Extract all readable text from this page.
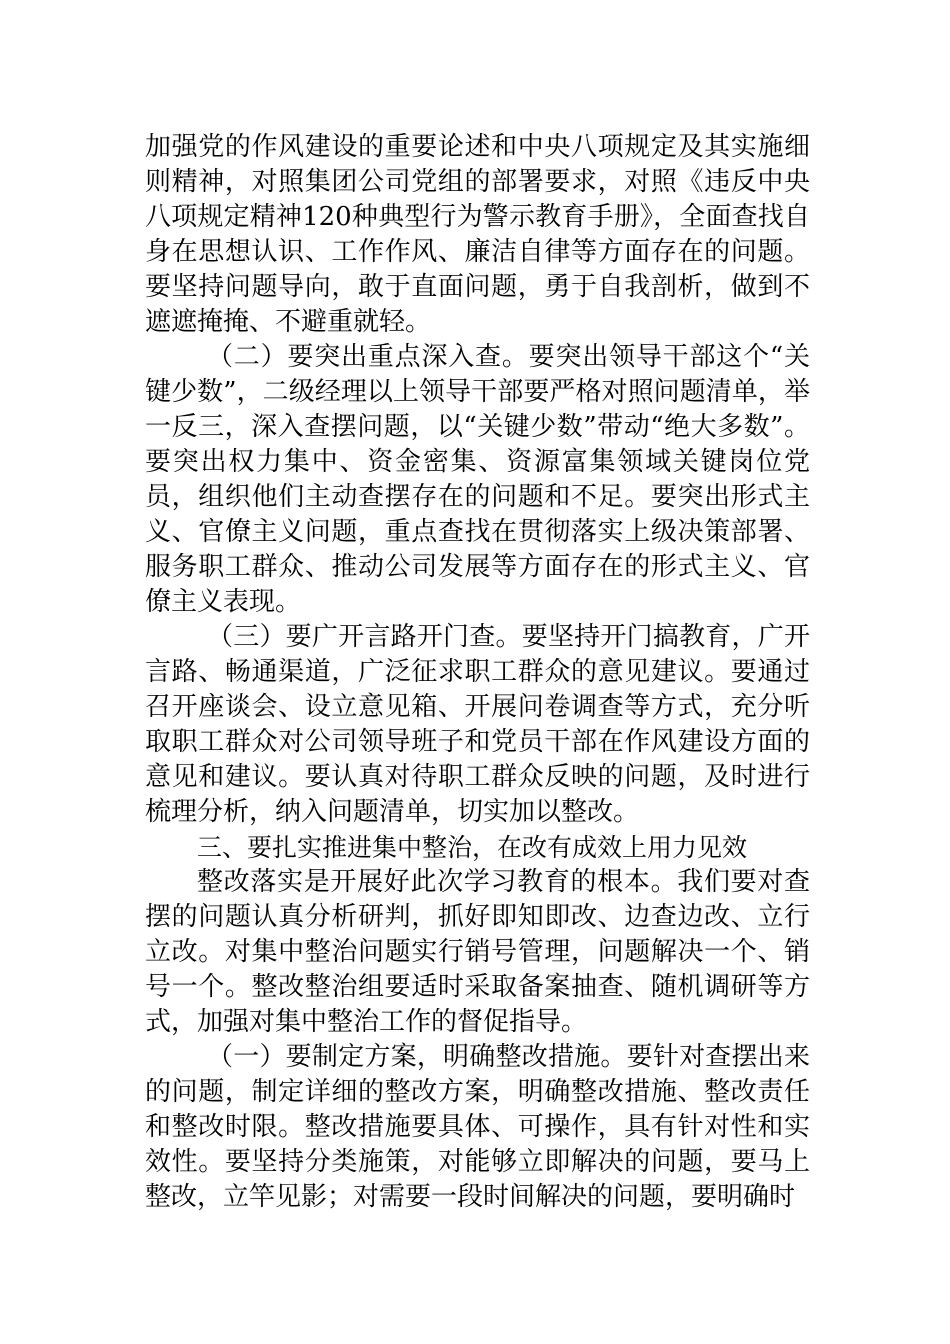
加强党的作风建设的重要论述和中央八项规定及其实施细则精神，对照集团公司党组的部署要求，对照《违反中央八项规定精神120种典型行为警示教育手册》，全面查找自身在思想认识、工作作风、廉洁自律等方面存在的问题。要坚持问题导向，敢于直面问题，勇于自我剖析，做到不遮遮掩掩、不避重就轻。

（二）要突出重点深入查。要突出领导干部这个“关键少数”，二级经理以上领导干部要严格对照问题清单，举一反三，深入查摆问题，以“关键少数”带动“绝大多数”。要突出权力集中、资金密集、资源富集领域关键岗位党员，组织他们主动查摆存在的问题和不足。要突出形式主义、官僚主义问题，重点查找在贯彻落实上级决策部署、服务职工群众、推动公司发展等方面存在的形式主义、官僚主义表现。

（三）要广开言路开门查。要坚持开门搞教育，广开言路、畅通渠道，广泛征求职工群众的意见建议。要通过召开座谈会、设立意见箱、开展问卷调查等方式，充分听取职工群众对公司领导班子和党员干部在作风建设方面的意见和建议。要认真对待职工群众反映的问题，及时进行梳理分析，纳入问题清单，切实加以整改。

三、要扎实推进集中整治，在改有成效上用力见效

整改落实是开展好此次学习教育的根本。我们要对查摆的问题认真分析研判，抓好即知即改、边查边改、立行立改。对集中整治问题实行销号管理，问题解决一个、销号一个。整改整治组要适时采取备案抽查、随机调研等方式，加强对集中整治工作的督促指导。

（一）要制定方案，明确整改措施。要针对查摆出来的问题，制定详细的整改方案，明确整改措施、整改责任和整改时限。整改措施要具体、可操作，具有针对性和实效性。要坚持分类施策，对能够立即解决的问题，要马上整改，立竿见影；对需要一段时间解决的问题，要明确时
